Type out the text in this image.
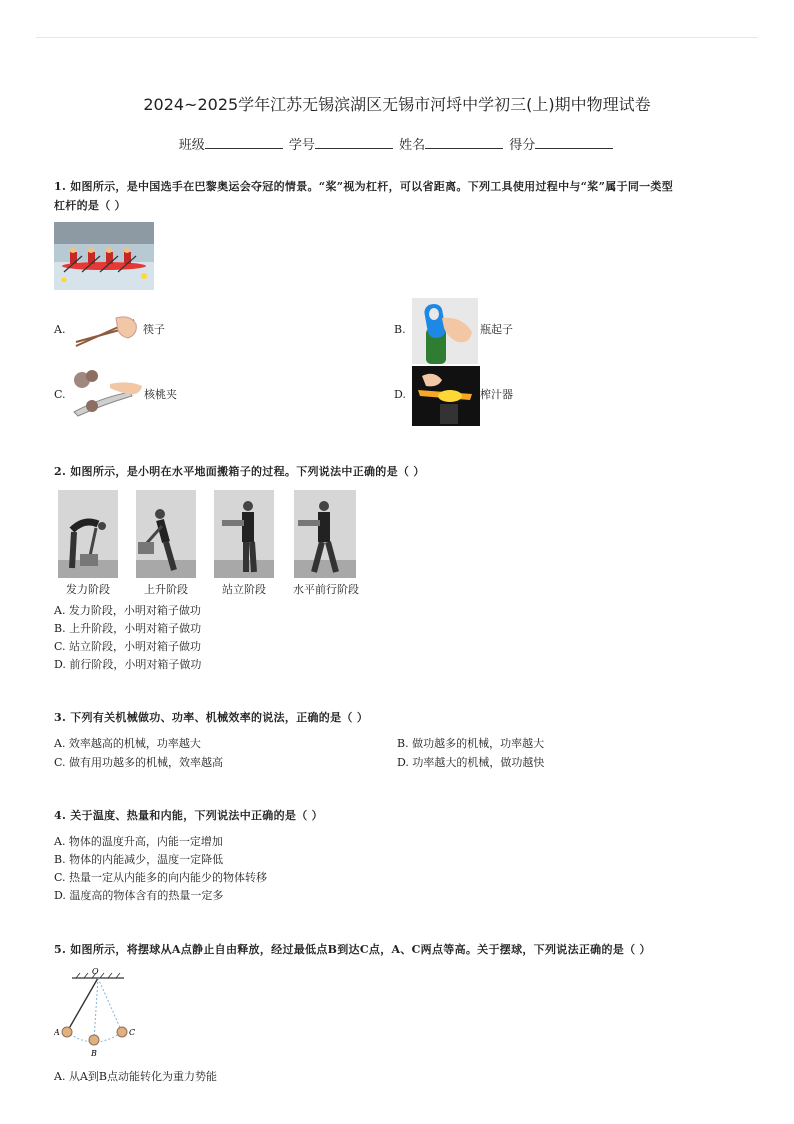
2024~2025学年江苏无锡滨湖区无锡市河埒中学初三(上)期中物理试卷
班级	学号	姓名	得分
1. 如图所示，是中国选手在巴黎奥运会夺冠的情景。“桨”视为杠杆，可以省距离。下列工具使用过程中与“桨”属于同一类型
杠杆的是（ ）
A.	筷子	B.	瓶起子
C.	核桃夹	D.	榨汁器
2. 如图所示，是小明在水平地面搬箱子的过程。下列说法中正确的是（ ）
发力阶段	上升阶段	站立阶段	水平前行阶段
A. 发力阶段，小明对箱子做功
B. 上升阶段，小明对箱子做功
C. 站立阶段，小明对箱子做功
D. 前行阶段，小明对箱子做功
3. 下列有关机械做功、功率、机械效率的说法，正确的是（ ）
A. 效率越高的机械，功率越大	B. 做功越多的机械，功率越大
C. 做有用功越多的机械，效率越高	D. 功率越大的机械，做功越快
4. 关于温度、热量和内能，下列说法中正确的是（ ）
A. 物体的温度升高，内能一定增加
B. 物体的内能减少，温度一定降低
C. 热量一定从内能多的向内能少的物体转移
D. 温度高的物体含有的热量一定多
5. 如图所示，将摆球从A点静止自由释放，经过最低点B到达C点，A、C两点等高。关于摆球，下列说法正确的是（ ）
O
A
B
C
A. 从A到B点动能转化为重力势能
